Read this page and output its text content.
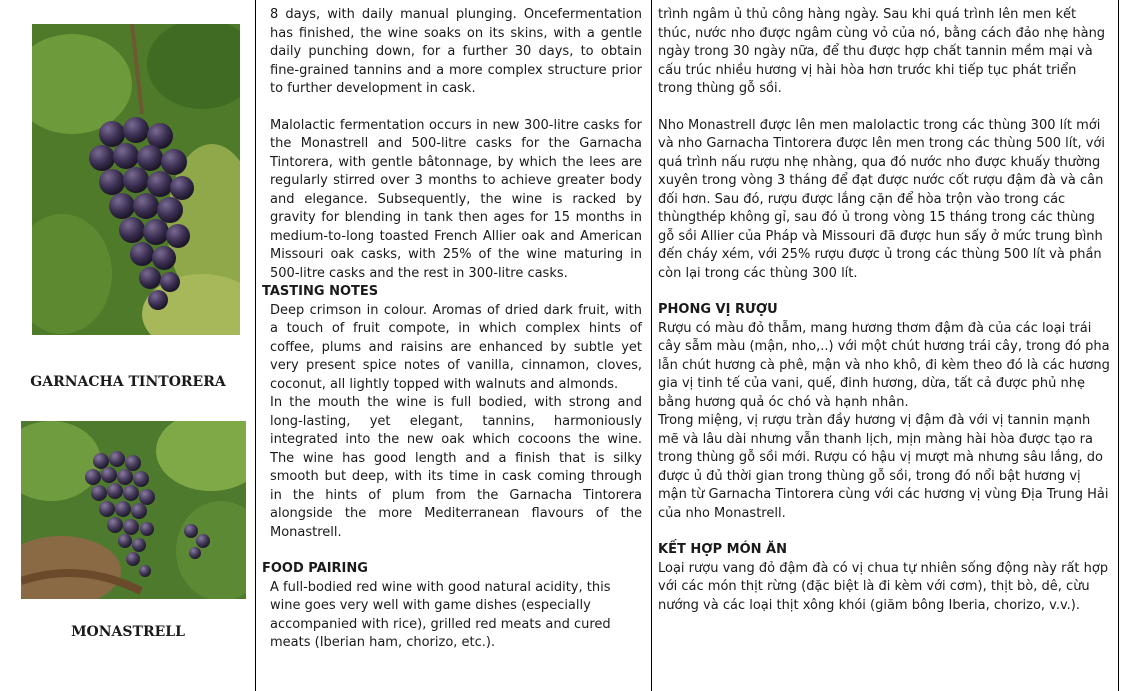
GARNACHA TINTORERA
MONASTRELL

8 days, with daily manual plunging. Oncefermentation has finished, the wine soaks on its skins, with a gentle daily punching down, for a further 30 days, to obtain fine-grained tannins and a more complex structure prior to further development in cask.

Malolactic fermentation occurs in new 300-litre casks for the Monastrell and 500-litre casks for the Garnacha Tintorera, with gentle bâtonnage, by which the lees are regularly stirred over 3 months to achieve greater body and elegance. Subsequently, the wine is racked by gravity for blending in tank then ages for 15 months in medium-to-long toasted French Allier oak and American Missouri oak casks, with 25% of the wine maturing in 500-litre casks and the rest in 300-litre casks.

TASTING NOTES

Deep crimson in colour. Aromas of dried dark fruit, with a touch of fruit compote, in which complex hints of coffee, plums and raisins are enhanced by subtle yet very present spice notes of vanilla, cinnamon, cloves, coconut, all lightly topped with walnuts and almonds.

In the mouth the wine is full bodied, with strong and long-lasting, yet elegant, tannins, harmoniously integrated into the new oak which cocoons the wine. The wine has good length and a finish that is silky smooth but deep, with its time in cask coming through in the hints of plum from the Garnacha Tintorera alongside the more Mediterranean flavours of the Monastrell.

FOOD PAIRING

A full-bodied red wine with good natural acidity, this wine goes very well with game dishes (especially accompanied with rice), grilled red meats and cured meats (Iberian ham, chorizo, etc.).

trình ngâm ủ thủ công hàng ngày. Sau khi quá trình lên men kết thúc, nước nho được ngâm cùng vỏ của nó, bằng cách đảo nhẹ hàng ngày trong 30 ngày nữa, để thu được hợp chất tannin mềm mại và cấu trúc nhiều hương vị hài hòa hơn trước khi tiếp tục phát triển trong thùng gỗ sồi.

Nho Monastrell được lên men malolactic trong các thùng 300 lít mới và nho Garnacha Tintorera được lên men trong các thùng 500 lít, với quá trình nấu rượu nhẹ nhàng, qua đó nước nho được khuấy thường xuyên trong vòng 3 tháng để đạt được nước cốt rượu đậm đà và cân đối hơn. Sau đó, rượu được lắng cặn để hòa trộn vào trong các thùngthép không gỉ, sau đó ủ trong vòng 15 tháng trong các thùng gỗ sồi Allier của Pháp và Missouri đã được hun sấy ở mức trung bình đến cháy xém, với 25% rượu được ủ trong các thùng 500 lít và phần còn lại trong các thùng 300 lít.

PHONG VỊ RƯỢU

Rượu có màu đỏ thẫm, mang hương thơm đậm đà của các loại trái cây sẫm màu (mận, nho,..) với một chút hương trái cây, trong đó pha lẫn chút hương cà phê, mận và nho khô, đi kèm theo đó là các hương gia vị tinh tế của vani, quế, đinh hương, dừa, tất cả được phủ nhẹ bằng hương quả óc chó và hạnh nhân.

Trong miệng, vị rượu tràn đầy hương vị đậm đà với vị tannin mạnh mẽ và lâu dài nhưng vẫn thanh lịch, mịn màng hài hòa được tạo ra trong thùng gỗ sồi mới. Rượu có hậu vị mượt mà nhưng sâu lắng, do được ủ đủ thời gian trong thùng gỗ sồi, trong đó nổi bật hương vị mận từ Garnacha Tintorera cùng với các hương vị vùng Địa Trung Hải của nho Monastrell.

KẾT HỢP MÓN ĂN

Loại rượu vang đỏ đậm đà có vị chua tự nhiên sống động này rất hợp với các món thịt rừng (đặc biệt là đi kèm với cơm), thịt bò, dê, cừu nướng và các loại thịt xông khói (giăm bông Iberia, chorizo, v.v.).
